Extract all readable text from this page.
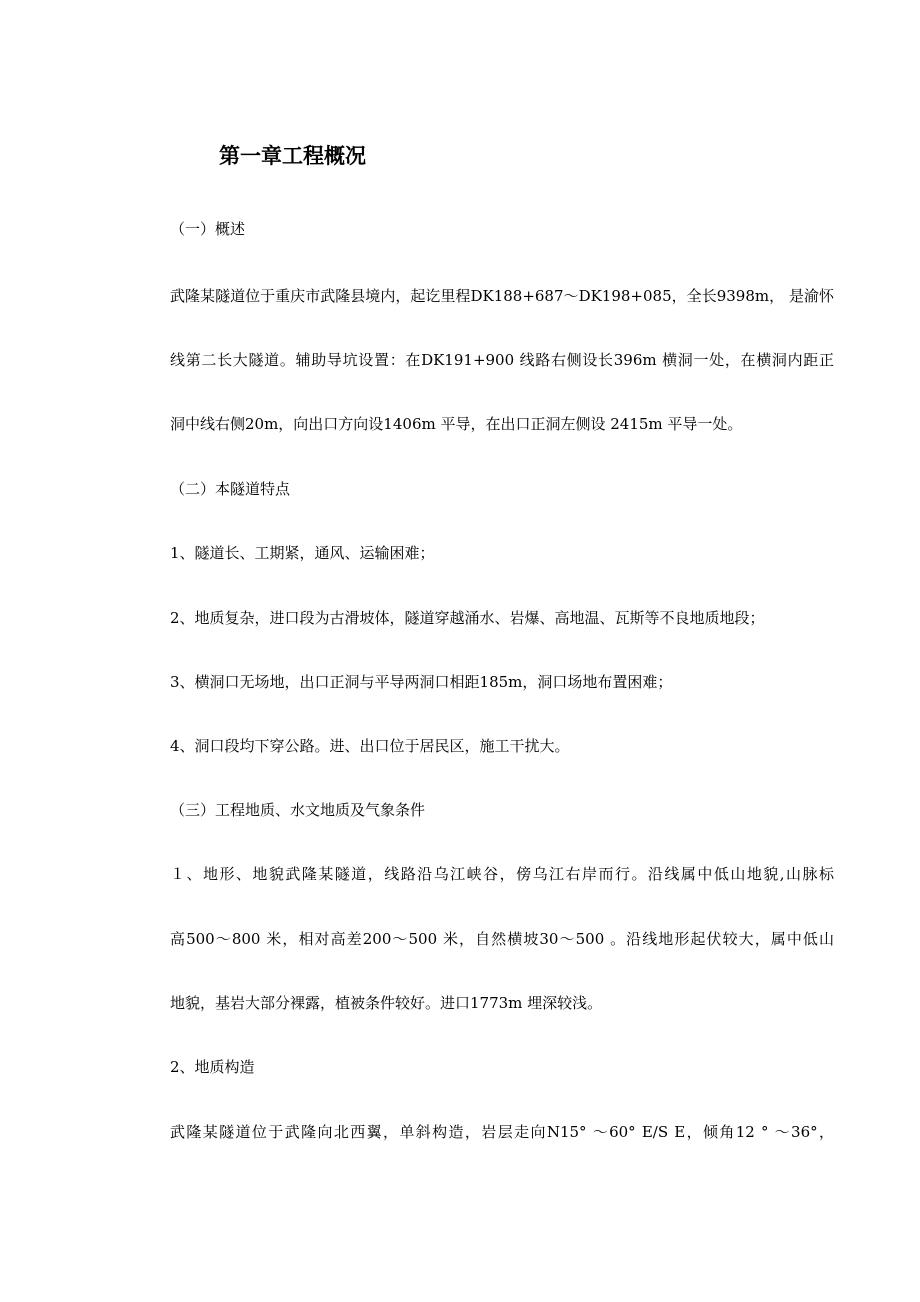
第一章工程概况
（一）概述
武隆某隧道位于重庆市武隆县境内，起讫里程DK188+687～DK198+085，全长9398m， 是渝怀
线第二长大隧道。辅助导坑设置：在DK191+900 线路右侧设长396m 横洞一处，在横洞内距正
洞中线右侧20m，向出口方向设1406m 平导，在出口正洞左侧设 2415m 平导一处。
（二）本隧道特点
1、隧道长、工期紧，通风、运输困难；
2、地质复杂，进口段为古滑坡体，隧道穿越涌水、岩爆、高地温、瓦斯等不良地质地段；
3、横洞口无场地，出口正洞与平导两洞口相距185m，洞口场地布置困难；
4、洞口段均下穿公路。进、出口位于居民区，施工干扰大。
（三）工程地质、水文地质及气象条件
１、地形、地貌武隆某隧道，线路沿乌江峡谷，傍乌江右岸而行。沿线属中低山地貌,山脉标
高500～800 米，相对高差200～500 米，自然横坡30～500 。沿线地形起伏较大，属中低山
地貌，基岩大部分裸露，植被条件较好。进口1773m 埋深较浅。
2、地质构造
武隆某隧道位于武隆向北西翼，单斜构造，岩层走向N15° ～60° E/S E，倾角12 ° ～36°，
